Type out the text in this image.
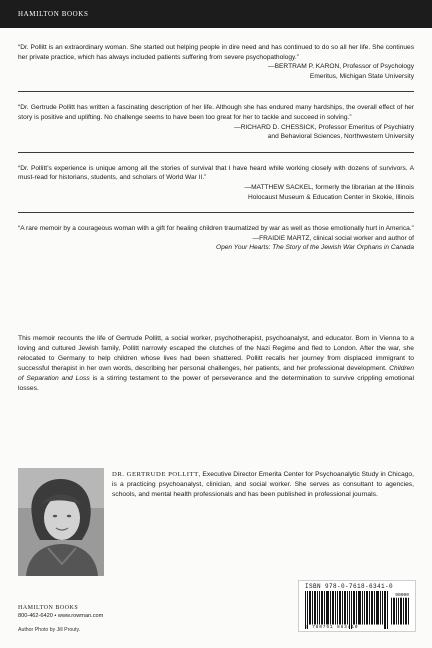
HAMILTON BOOKS

“Dr. Pollitt is an extraordinary woman. She started out helping people in dire need and has continued to do so all her life. She continues her private practice, which has always included patients suffering from severe psychopathology.”

—BERTRAM P. KARON, Professor of Psychology
Emeritus, Michigan State University

“Dr. Gertrude Pollitt has written a fascinating description of her life. Although she has endured many hardships, the overall effect of her story is positive and uplifting. No challenge seems to have been too great for her to tackle and succeed in solving.”

—RICHARD D. CHESSICK, Professor Emeritus of Psychiatry
and Behavioral Sciences, Northwestern University

“Dr. Pollitt’s experience is unique among all the stories of survival that I have heard while working closely with dozens of survivors. A must-read for historians, students, and scholars of World War II.”

—MATTHEW SACKEL, formerly the librarian at the Illinois
Holocaust Museum & Education Center in Skokie, Illinois

“A rare memoir by a courageous woman with a gift for healing children traumatized by war as well as those emotionally hurt in America.”

—FRAIDIE MARTZ, clinical social worker and author of
Open Your Hearts: The Story of the Jewish War Orphans in Canada

This memoir recounts the life of Gertrude Pollitt, a social worker, psychotherapist, psychoanalyst, and educator. Born in Vienna to a loving and cultured Jewish family, Pollitt narrowly escaped the clutches of the Nazi Regime and fled to London. After the war, she relocated to Germany to help children whose lives had been shattered. Pollitt recalls her journey from displaced immigrant to successful therapist in her own words, describing her personal challenges, her patients, and her professional development. Children of Separation and Loss is a stirring testament to the power of perseverance and the determination to survive crippling emotional losses.

DR. GERTRUDE POLLITT, Executive Director Emerita Center for Psychoanalytic Study in Chicago, is a practicing psychoanalyst, clinician, and social worker. She serves as consultant to agencies, schools, and mental health professionals and has been published in professional journals.

HAMILTON BOOKS
800-462-6420 • www.rowman.com
Author Photo by Jill Prouty.
ISBN 978-0-7618-6341-0
90000
9 780761 863410
